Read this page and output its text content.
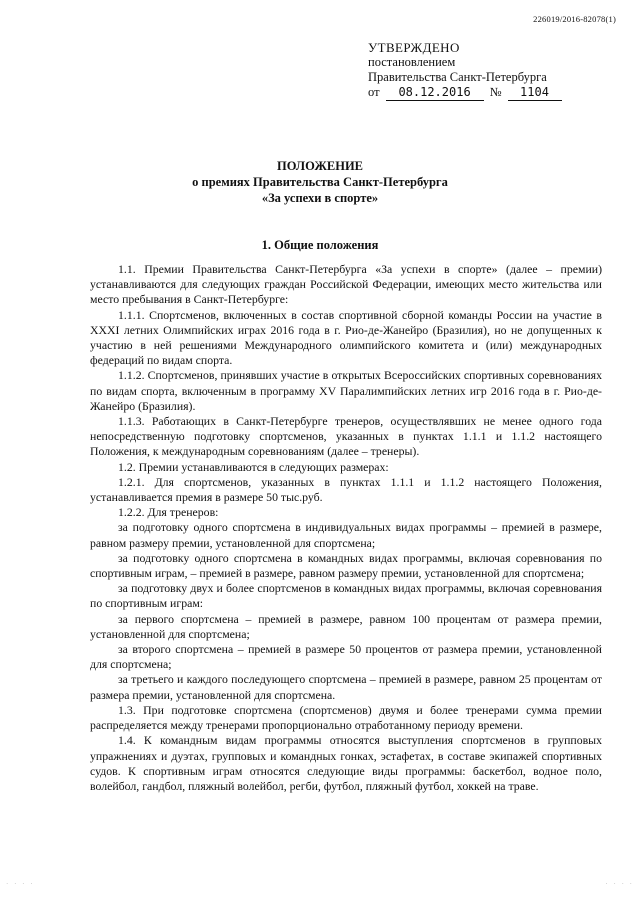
226019/2016-82078(1)
УТВЕРЖДЕНО
постановлением
Правительства Санкт-Петербурга
от	08.12.2016	№	1104
ПОЛОЖЕНИЕ
о премиях Правительства Санкт-Петербурга
«За успехи в спорте»
1. Общие положения

1.1. Премии Правительства Санкт-Петербурга «За успехи в спорте» (далее – премии) устанавливаются для следующих граждан Российской Федерации, имеющих место жительства или место пребывания в Санкт-Петербурге:

1.1.1. Спортсменов, включенных в состав спортивной сборной команды России на участие в XXXI летних Олимпийских играх 2016 года в г. Рио-де-Жанейро (Бразилия), но не допущенных к участию в ней решениями Международного олимпийского комитета и (или) международных федераций по видам спорта.

1.1.2. Спортсменов, принявших участие в открытых Всероссийских спортивных соревнованиях по видам спорта, включенным в программу XV Паралимпийских летних игр 2016 года в г. Рио-де-Жанейро (Бразилия).

1.1.3. Работающих в Санкт-Петербурге тренеров, осуществлявших не менее одного года непосредственную подготовку спортсменов, указанных в пунктах 1.1.1 и 1.1.2 настоящего Положения, к международным соревнованиям (далее – тренеры).

1.2. Премии устанавливаются в следующих размерах:

1.2.1. Для спортсменов, указанных в пунктах 1.1.1 и 1.1.2 настоящего Положения, устанавливается премия в размере 50 тыс.руб.

1.2.2. Для тренеров:

за подготовку одного спортсмена в индивидуальных видах программы – премией в размере, равном размеру премии, установленной для спортсмена;

за подготовку одного спортсмена в командных видах программы, включая соревнования по спортивным играм, – премией в размере, равном размеру премии, установленной для спортсмена;

за подготовку двух и более спортсменов в командных видах программы, включая соревнования по спортивным играм:

за первого спортсмена – премией в размере, равном 100 процентам от размера премии, установленной для спортсмена;

за второго спортсмена – премией в размере 50 процентов от размера премии, установленной для спортсмена;

за третьего и каждого последующего спортсмена – премией в размере, равном 25 процентам от размера премии, установленной для спортсмена.

1.3. При подготовке спортсмена (спортсменов) двумя и более тренерами сумма премии распределяется между тренерами пропорционально отработанному периоду времени.

1.4. К командным видам программы относятся выступления спортсменов в групповых упражнениях и дуэтах, групповых и командных гонках, эстафетах, в составе экипажей спортивных судов. К спортивным играм относятся следующие виды программы: баскетбол, водное поло, волейбол, гандбол, пляжный волейбол, регби, футбол, пляжный футбол, хоккей на траве.

· · · ·	· · · ·
